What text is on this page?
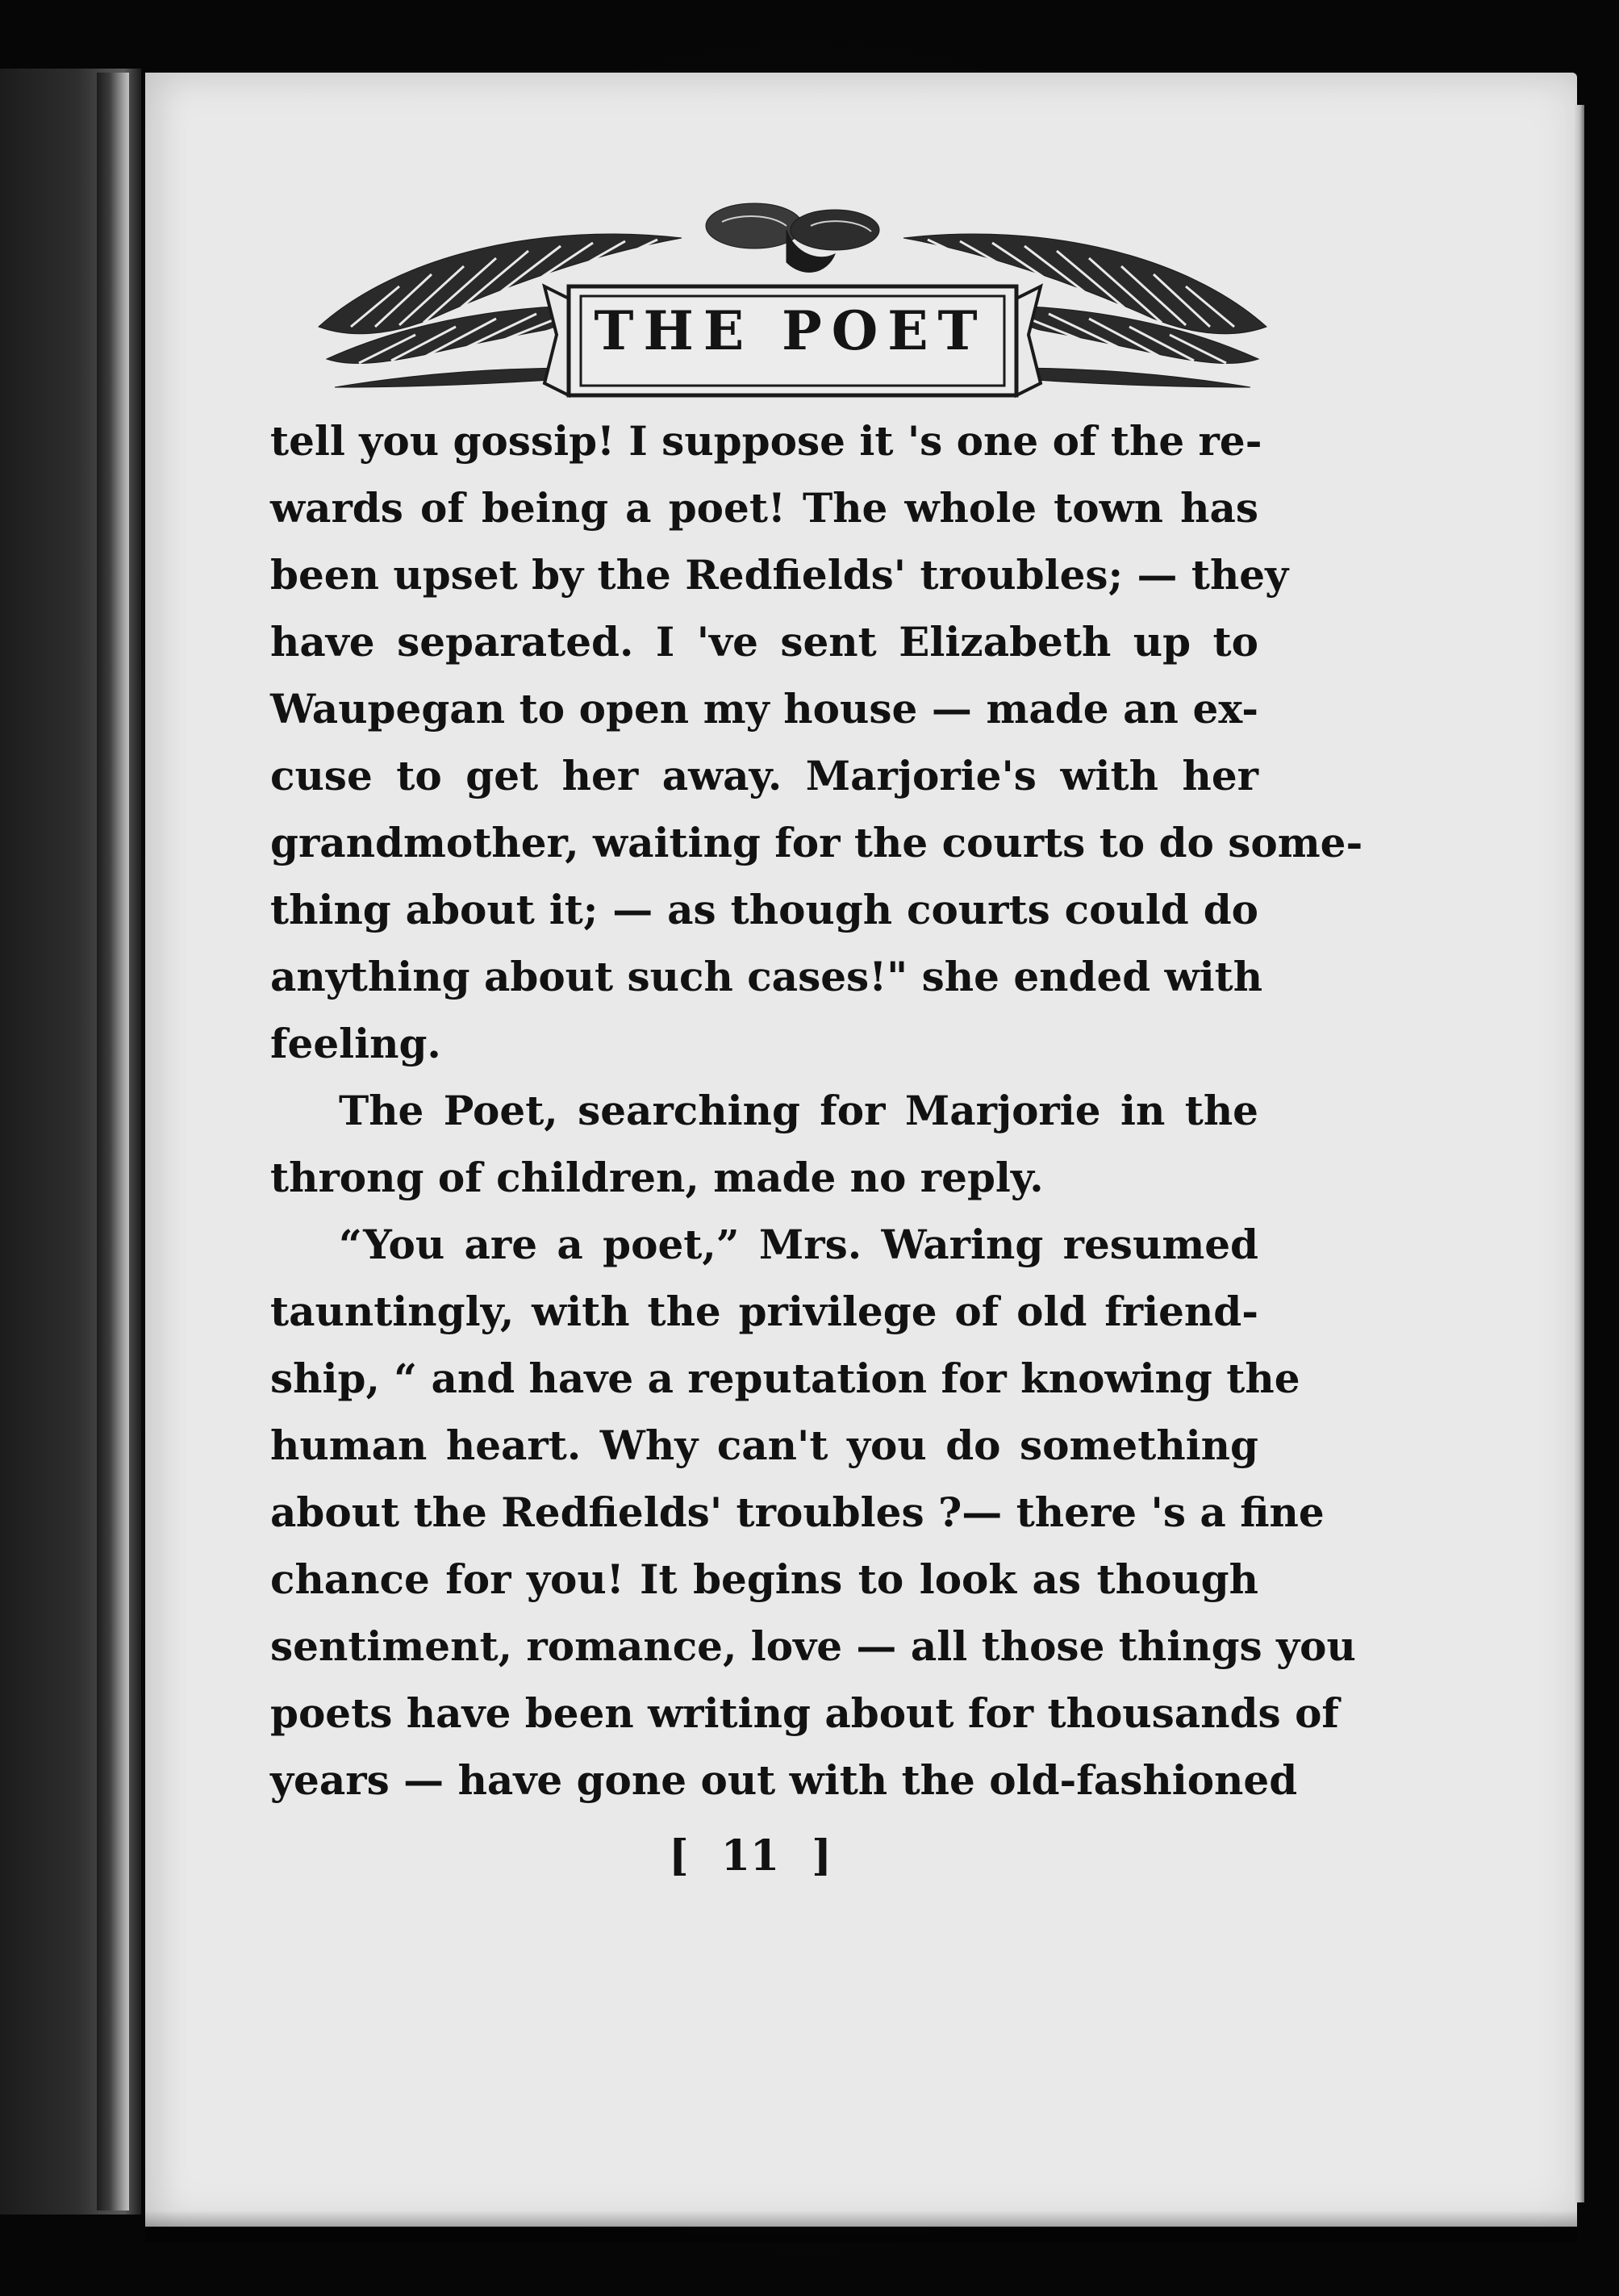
THE POET
tell you gossip! I suppose it 's one of the re-
wards of being a poet! The whole town has
been upset by the Redfields' troubles; — they
have separated. I 've sent Elizabeth up to
Waupegan to open my house — made an ex-
cuse to get her away. Marjorie's with her
grandmother, waiting for the courts to do some-
thing about it; — as though courts could do
anything about such cases!" she ended with
feeling.
The Poet, searching for Marjorie in the
throng of children, made no reply.
“You are a poet,” Mrs. Waring resumed
tauntingly, with the privilege of old friend-
ship, “ and have a reputation for knowing the
human heart. Why can't you do something
about the Redfields' troubles ?— there 's a fine
chance for you! It begins to look as though
sentiment, romance, love — all those things you
poets have been writing about for thousands of
years — have gone out with the old-fashioned
[ 11 ]
